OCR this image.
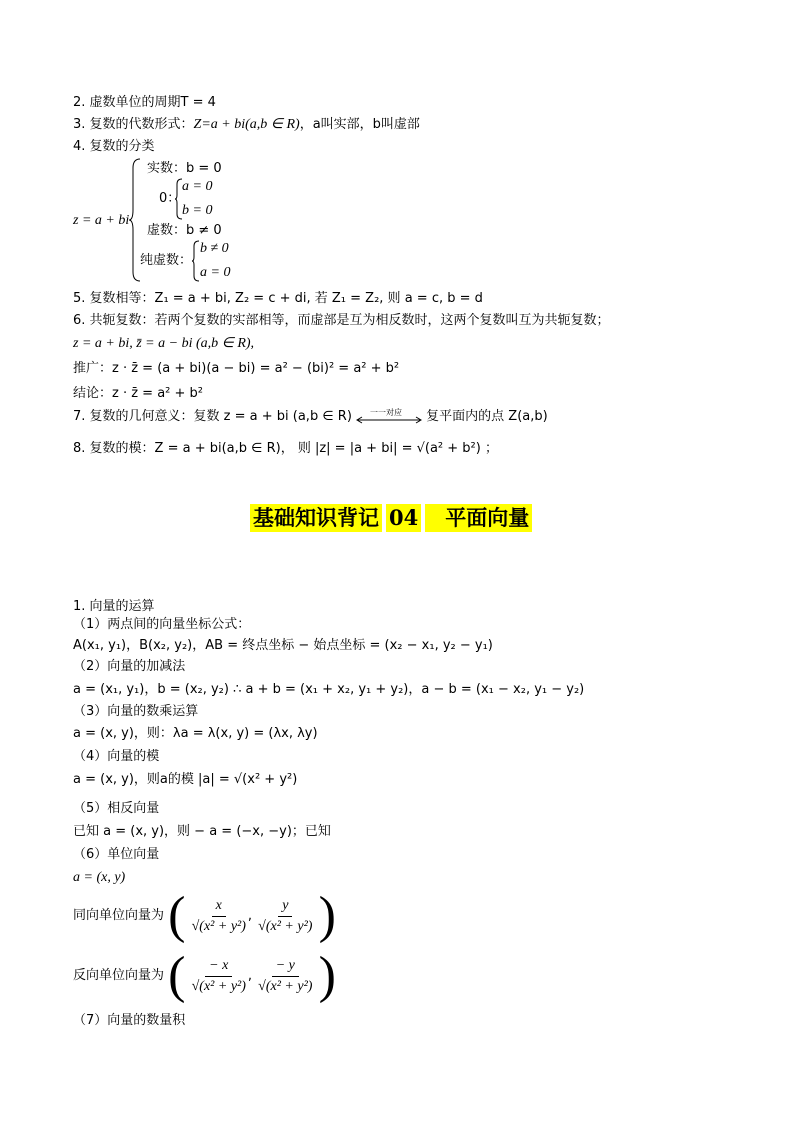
2. 虚数单位的周期T = 4
3. 复数的代数形式：Z=a + bi(a,b ∈ R)，a叫实部，b叫虚部
4. 复数的分类
z = a + bi
实数：b = 0
0：
a = 0
b = 0
虚数：b ≠ 0
纯虚数：
b ≠ 0
a = 0
5. 复数相等：Z₁ = a + bi, Z₂ = c + di, 若 Z₁ = Z₂, 则 a = c, b = d
6. 共轭复数：若两个复数的实部相等，而虚部是互为相反数时，这两个复数叫互为共轭复数；
z = a + bi, z̄ = a − bi (a,b ∈ R),
推广：z · z̄ = (a + bi)(a − bi) = a² − (bi)² = a² + b²
结论：z · z̄ = a² + b²
7. 复数的几何意义：复数 z = a + bi (a,b ∈ R) 一一对应 复平面内的点 Z(a,b)
8. 复数的模：Z = a + bi(a,b ∈ R)， 则 |z| = |a + bi| = √(a² + b²) ；
基础知识背记 04	平面向量
1. 向量的运算
（1）两点间的向量坐标公式：
A(x₁, y₁)，B(x₂, y₂)，AB = 终点坐标 − 始点坐标 = (x₂ − x₁, y₂ − y₁)
（2）向量的加减法
a = (x₁, y₁)，b = (x₂, y₂) ∴ a + b = (x₁ + x₂, y₁ + y₂)，a − b = (x₁ − x₂, y₁ − y₂)
（3）向量的数乘运算
a = (x, y)，则：λa = λ(x, y) = (λx, λy)
（4）向量的模
a = (x, y)，则a的模 |a| = √(x² + y²)
（5）相反向量
已知 a = (x, y)，则 − a = (−x, −y)；已知
（6）单位向量
a = (x, y)
同向单位向量为 ( $\frac{x}{\text{√(x² + y²)}}$ , $\frac{y}{\text{√(x² + y²)}}$ )
反向单位向量为 ( $\frac{- x}{\text{√(x² + y²)}}$ , $\frac{- y}{\text{√(x² + y²)}}$ )
（7）向量的数量积
